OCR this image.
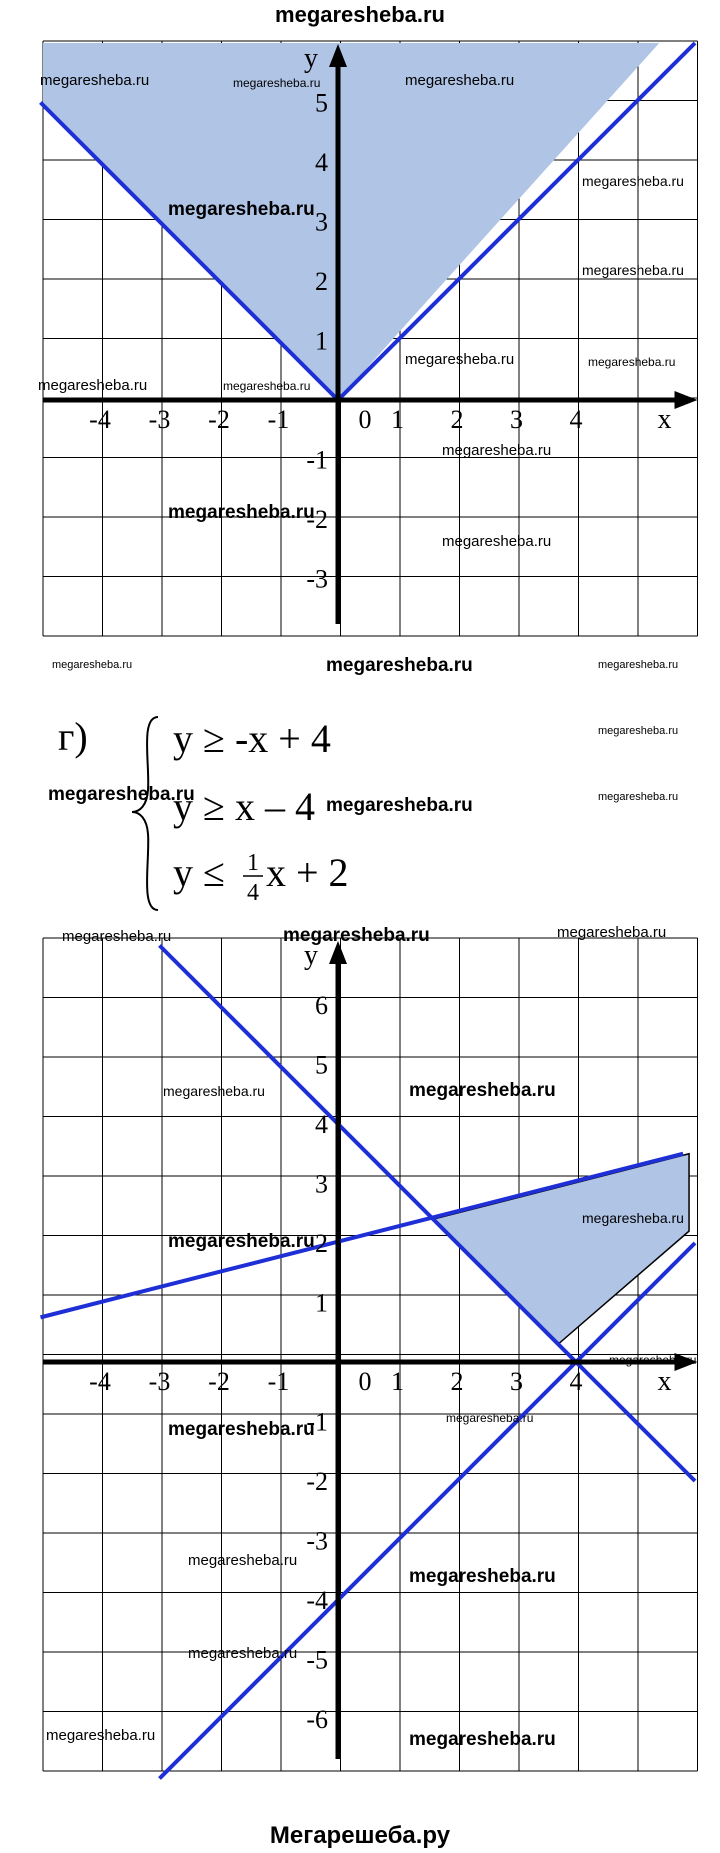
megaresheba.ru
-4 -3 -2 -1	0 1 2 3 4
5
4
3
2
1
-1
-2
-3
x
y
г) y ≥ -x + 4
y ≥ x – 4
y ≤ 1
4 x + 2
-4 -3 -2 -1	0 1 2 3 4
6
5
4
3
2
1
-1
-2
-3
-4
-5
-6
x
y
megaresheba.ru	megaresheba.ru	megaresheba.ru
megaresheba.ru
megaresheba.ru
megaresheba.ru
megaresheba.ru	megaresheba.ru
megaresheba.ru	megaresheba.ru
megaresheba.ru
megaresheba.ru
megaresheba.ru
megaresheba.ru	megaresheba.ru	megaresheba.ru
megaresheba.ru
megaresheba.ru
megaresheba.ru	megaresheba.ru
megaresheba.ru	megaresheba.ru	megaresheba.ru
megaresheba.ru	megaresheba.ru
megaresheba.ru
megaresheba.ru
megaresheba.ru
megaresheba.ru
megaresheba.ru
megaresheba.ru
megaresheba.ru
megaresheba.ru
megaresheba.ru	megaresheba.ru
Мегарешеба.ру
